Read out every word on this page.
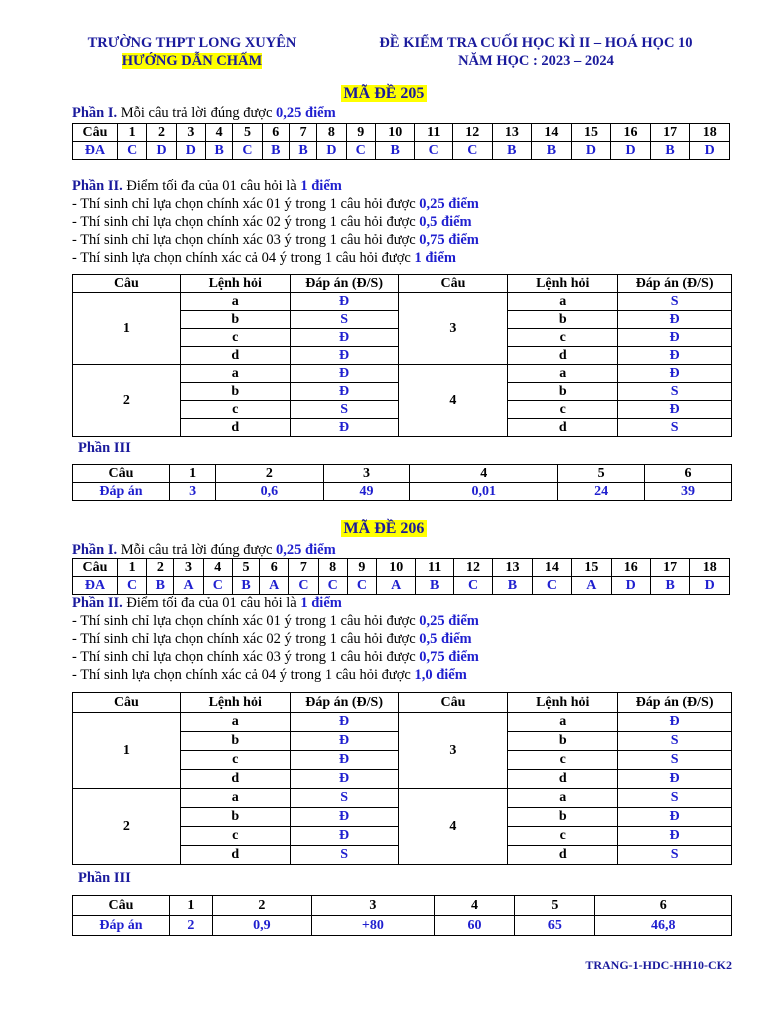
TRƯỜNG THPT LONG XUYÊN
HƯỚNG DẪN CHẤM
ĐỀ KIỂM TRA CUỐI HỌC KÌ II – HOÁ HỌC 10
NĂM HỌC : 2023 – 2024
MÃ ĐỀ 205
Phần I. Mỗi câu trả lời đúng được 0,25 điểm
Câu	1	2	3	4	5	6	7	8	9	10	11	12	13	14	15	16	17	18
ĐA	C	D	D	B	C	B	B	D	C	B	C	C	B	B	D	D	B	D
Phần II. Điểm tối đa của 01 câu hỏi là 1 điểm
- Thí sinh chỉ lựa chọn chính xác 01 ý trong 1 câu hỏi được 0,25 điểm
- Thí sinh chỉ lựa chọn chính xác 02 ý trong 1 câu hỏi được 0,5 điểm
- Thí sinh chỉ lựa chọn chính xác 03 ý trong 1 câu hỏi được 0,75 điểm
- Thí sinh lựa chọn chính xác cả 04 ý trong 1 câu hỏi được 1 điểm
Câu	Lệnh hỏi	Đáp án (Đ/S)	Câu	Lệnh hỏi	Đáp án (Đ/S)
1	a	Đ	3	a	S
	b	S		b	Đ
	c	Đ		c	Đ
	d	Đ		d	Đ
2	a	Đ	4	a	Đ
	b	Đ		b	S
	c	S		c	Đ
	d	Đ		d	S
Phần III
Câu	1	2	3	4	5	6
Đáp án	3	0,6	49	0,01	24	39
MÃ ĐỀ 206
Phần I. Mỗi câu trả lời đúng được 0,25 điểm
Câu	1	2	3	4	5	6	7	8	9	10	11	12	13	14	15	16	17	18
ĐA	C	B	A	C	B	A	C	C	C	A	B	C	B	C	A	D	B	D
Phần II. Điểm tối đa của 01 câu hỏi là 1 điểm
- Thí sinh chỉ lựa chọn chính xác 01 ý trong 1 câu hỏi được 0,25 điểm
- Thí sinh chỉ lựa chọn chính xác 02 ý trong 1 câu hỏi được 0,5 điểm
- Thí sinh chỉ lựa chọn chính xác 03 ý trong 1 câu hỏi được 0,75 điểm
- Thí sinh lựa chọn chính xác cả 04 ý trong 1 câu hỏi được 1,0 điểm
Câu	Lệnh hỏi	Đáp án (Đ/S)	Câu	Lệnh hỏi	Đáp án (Đ/S)
1	a	Đ	3	a	Đ
	b	Đ		b	S
	c	Đ		c	S
	d	Đ		d	Đ
2	a	S	4	a	S
	b	Đ		b	Đ
	c	Đ		c	Đ
	d	S		d	S
Phần III
Câu	1	2	3	4	5	6
Đáp án	2	0,9	+80	60	65	46,8
TRANG-1-HDC-HH10-CK2
